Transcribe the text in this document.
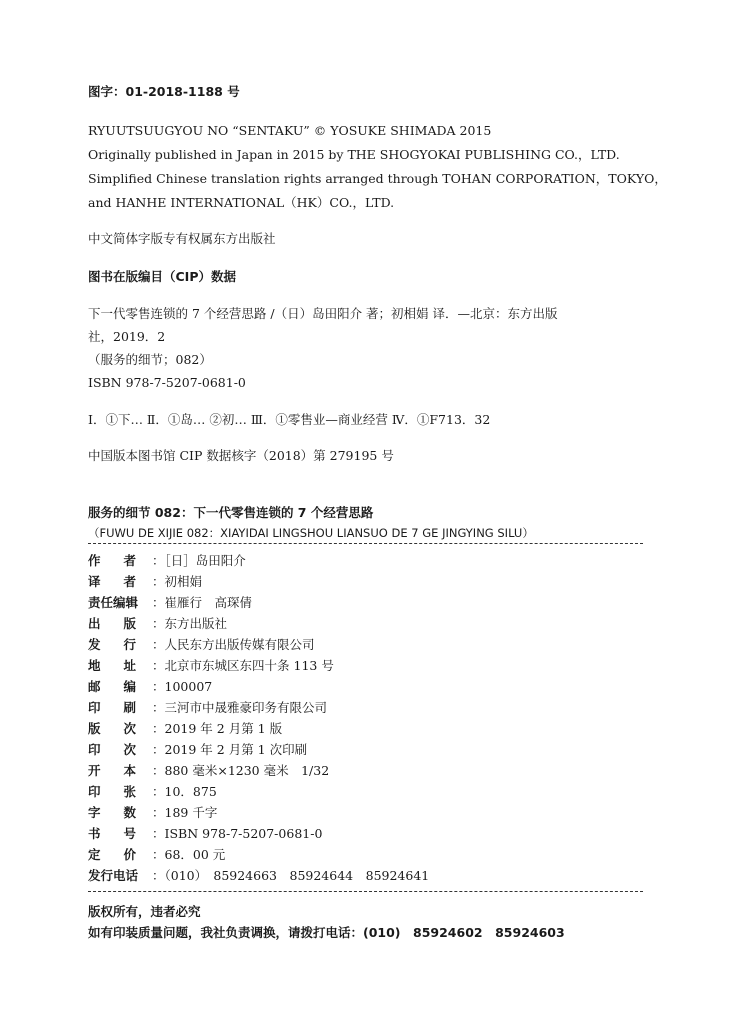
图字：01-2018-1188 号
RYUUTSUUGYOU NO “SENTAKU” © YOSUKE SHIMADA 2015
Originally published in Japan in 2015 by THE SHOGYOKAI PUBLISHING CO.，LTD.
Simplified Chinese translation rights arranged through TOHAN CORPORATION，TOKYO，
and HANHE INTERNATIONAL（HK）CO.，LTD.
中文简体字版专有权属东方出版社
图书在版编目（CIP）数据
下一代零售连锁的 7 个经营思路 /（日）岛田阳介 著；初相娟 译．—北京：东方出版
社，2019．2
（服务的细节；082）
ISBN 978-7-5207-0681-0
Ⅰ．①下… Ⅱ．①岛… ②初… Ⅲ．①零售业—商业经营 Ⅳ．①F713．32
中国版本图书馆 CIP 数据核字（2018）第 279195 号
服务的细节 082：下一代零售连锁的 7 个经营思路
（FUWU DE XIJIE 082：XIAYIDAI LINGSHOU LIANSUO DE 7 GE JINGYING SILU）
作者 ：［日］岛田阳介
译者 ：初相娟
责任编辑 ：崔雁行　高琛倩
出版 ：东方出版社
发行 ：人民东方出版传媒有限公司
地址 ：北京市东城区东四十条 113 号
邮编 ：100007
印刷 ：三河市中晟雅豪印务有限公司
版次 ：2019 年 2 月第 1 版
印次 ：2019 年 2 月第 1 次印刷
开本 ：880 毫米×1230 毫米　1/32
印张 ：10．875
字数 ：189 千字
书号 ：ISBN 978-7-5207-0681-0
定价 ：68．00 元
发行电话 ：（010）　85924663　85924644　85924641
版权所有，违者必究
如有印装质量问题，我社负责调换，请拨打电话：(010)　85924602　85924603
